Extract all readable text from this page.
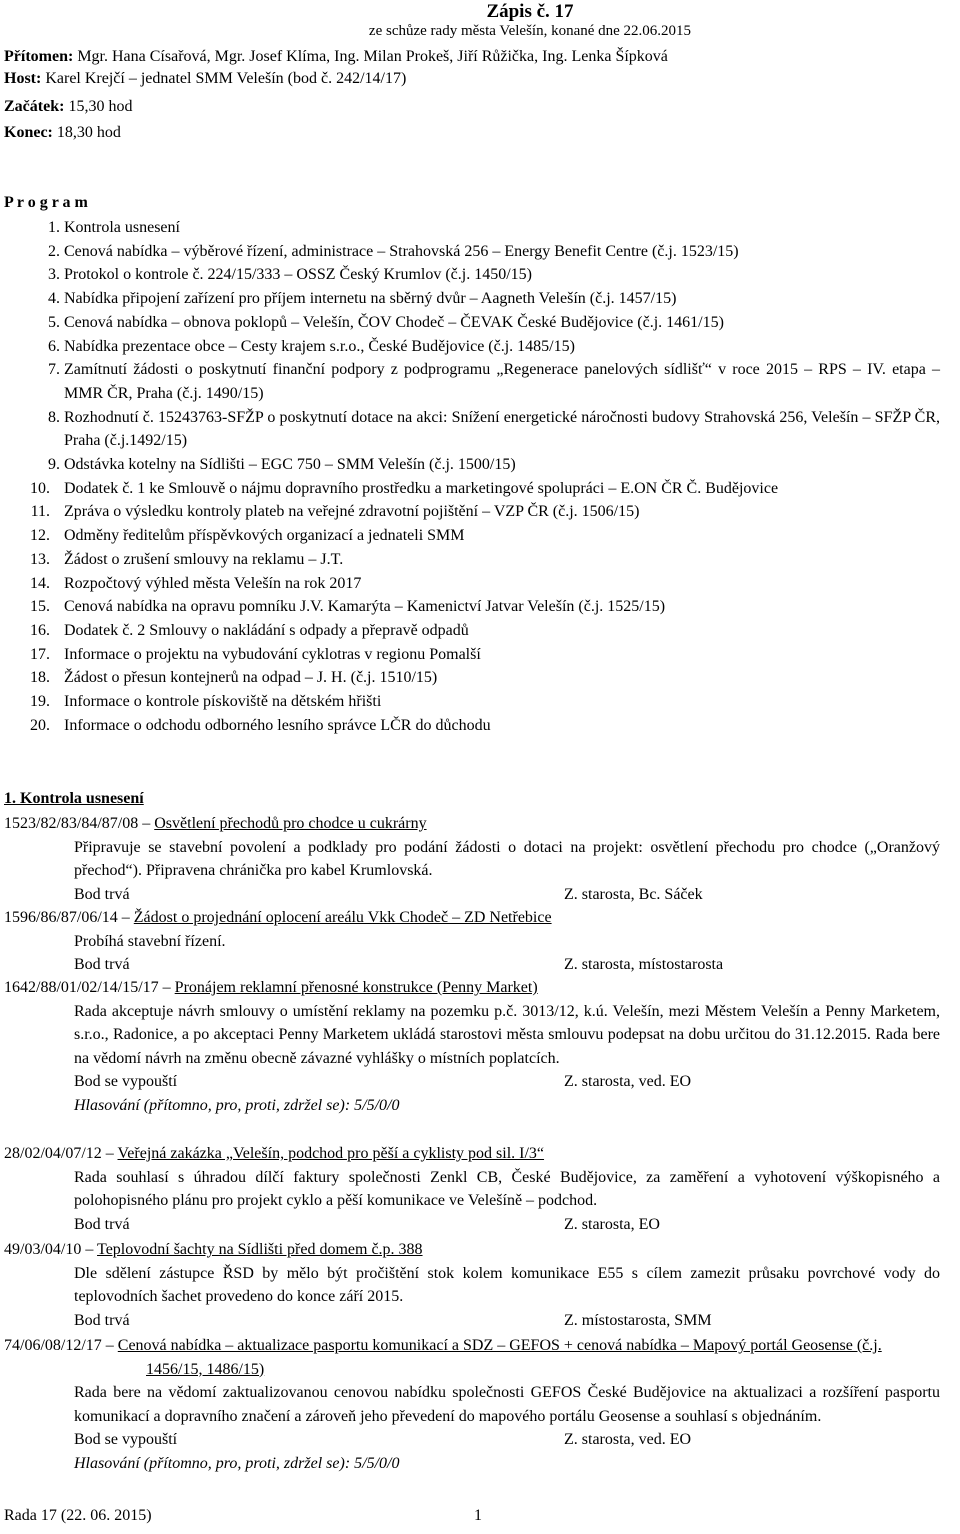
Zápis č. 17
ze schůze rady města Velešín, konané dne 22.06.2015
Přítomen: Mgr. Hana Císařová, Mgr. Josef Klíma, Ing. Milan Prokeš, Jiří Růžička, Ing. Lenka Šípková
Host: Karel Krejčí – jednatel SMM Velešín (bod č. 242/14/17)
Začátek: 15,30 hod
Konec: 18,30 hod
P r o g r a m
1. Kontrola usnesení
2. Cenová nabídka – výběrové řízení, administrace – Strahovská 256 – Energy Benefit Centre (č.j. 1523/15)
3. Protokol o kontrole č. 224/15/333 – OSSZ Český Krumlov (č.j. 1450/15)
4. Nabídka připojení zařízení pro příjem internetu na sběrný dvůr – Aagneth Velešín (č.j. 1457/15)
5. Cenová nabídka – obnova poklopů – Velešín, ČOV Chodeč – ČEVAK České Budějovice (č.j. 1461/15)
6. Nabídka prezentace obce – Cesty krajem s.r.o., České Budějovice (č.j. 1485/15)
7. Zamítnutí žádosti o poskytnutí finanční podpory z podprogramu „Regenerace panelových sídlišť“ v roce 2015 – RPS – IV. etapa – MMR ČR, Praha (č.j. 1490/15)
8. Rozhodnutí č. 15243763-SFŽP o poskytnutí dotace na akci: Snížení energetické náročnosti budovy Strahovská 256, Velešín – SFŽP ČR, Praha (č.j.1492/15)
9. Odstávka kotelny na Sídlišti – EGC 750 – SMM Velešín (č.j. 1500/15)
10. Dodatek č. 1 ke Smlouvě o nájmu dopravního prostředku a marketingové spolupráci – E.ON ČR Č. Budějovice
11. Zpráva o výsledku kontroly plateb na veřejné zdravotní pojištění – VZP ČR (č.j. 1506/15)
12. Odměny ředitelům příspěvkových organizací a jednateli SMM
13. Žádost o zrušení smlouvy na reklamu – J.T.
14. Rozpočtový výhled města Velešín na rok 2017
15. Cenová nabídka na opravu pomníku J.V. Kamarýta – Kamenictví Jatvar Velešín (č.j. 1525/15)
16. Dodatek č. 2 Smlouvy o nakládání s odpady a přepravě odpadů
17. Informace o projektu na vybudování cyklotras v regionu Pomalší
18. Žádost o přesun kontejnerů na odpad – J. H. (č.j. 1510/15)
19. Informace o kontrole pískoviště na dětském hřišti
20. Informace o odchodu odborného lesního správce LČR do důchodu
1. Kontrola usnesení
1523/82/83/84/87/08 – Osvětlení přechodů pro chodce u cukrárny
Připravuje se stavební povolení a podklady pro podání žádosti o dotaci na projekt: osvětlení přechodu pro chodce („Oranžový přechod“). Připravena chránička pro kabel Krumlovská.
Bod trvá	Z. starosta, Bc. Sáček
1596/86/87/06/14 – Žádost o projednání oplocení areálu Vkk Chodeč – ZD Netřebice
Probíhá stavební řízení.
Bod trvá	Z. starosta, místostarosta
1642/88/01/02/14/15/17 – Pronájem reklamní přenosné konstrukce (Penny Market)
Rada akceptuje návrh smlouvy o umístění reklamy na pozemku p.č. 3013/12, k.ú. Velešín, mezi Městem Velešín a Penny Marketem, s.r.o., Radonice, a po akceptaci Penny Marketem ukládá starostovi města smlouvu podepsat na dobu určitou do 31.12.2015. Rada bere na vědomí návrh na změnu obecně závazné vyhlášky o místních poplatcích.
Bod se vypouští	Z. starosta, ved. EO
Hlasování (přítomno, pro, proti, zdržel se): 5/5/0/0
28/02/04/07/12 – Veřejná zakázka „Velešín, podchod pro pěší a cyklisty pod sil. I/3“
Rada souhlasí s úhradou dílčí faktury společnosti Zenkl CB, České Budějovice, za zaměření a vyhotovení výškopisného a polohopisného plánu pro projekt cyklo a pěší komunikace ve Velešíně – podchod.
Bod trvá	Z. starosta, EO
49/03/04/10 – Teplovodní šachty na Sídlišti před domem č.p. 388
Dle sdělení zástupce ŘSD by mělo být pročištění stok kolem komunikace E55 s cílem zamezit průsaku povrchové vody do teplovodních šachet provedeno do konce září 2015.
Bod trvá	Z. místostarosta, SMM
74/06/08/12/17 – Cenová nabídka – aktualizace pasportu komunikací a SDZ – GEFOS + cenová nabídka – Mapový portál Geosense (č.j. 1456/15, 1486/15)
Rada bere na vědomí zaktualizovanou cenovou nabídku společnosti GEFOS České Budějovice na aktualizaci a rozšíření pasportu komunikací a dopravního značení a zároveň jeho převedení do mapového portálu Geosense a souhlasí s objednáním.
Bod se vypouští	Z. starosta, ved. EO
Hlasování (přítomno, pro, proti, zdržel se): 5/5/0/0
Rada 17 (22. 06. 2015)	1
